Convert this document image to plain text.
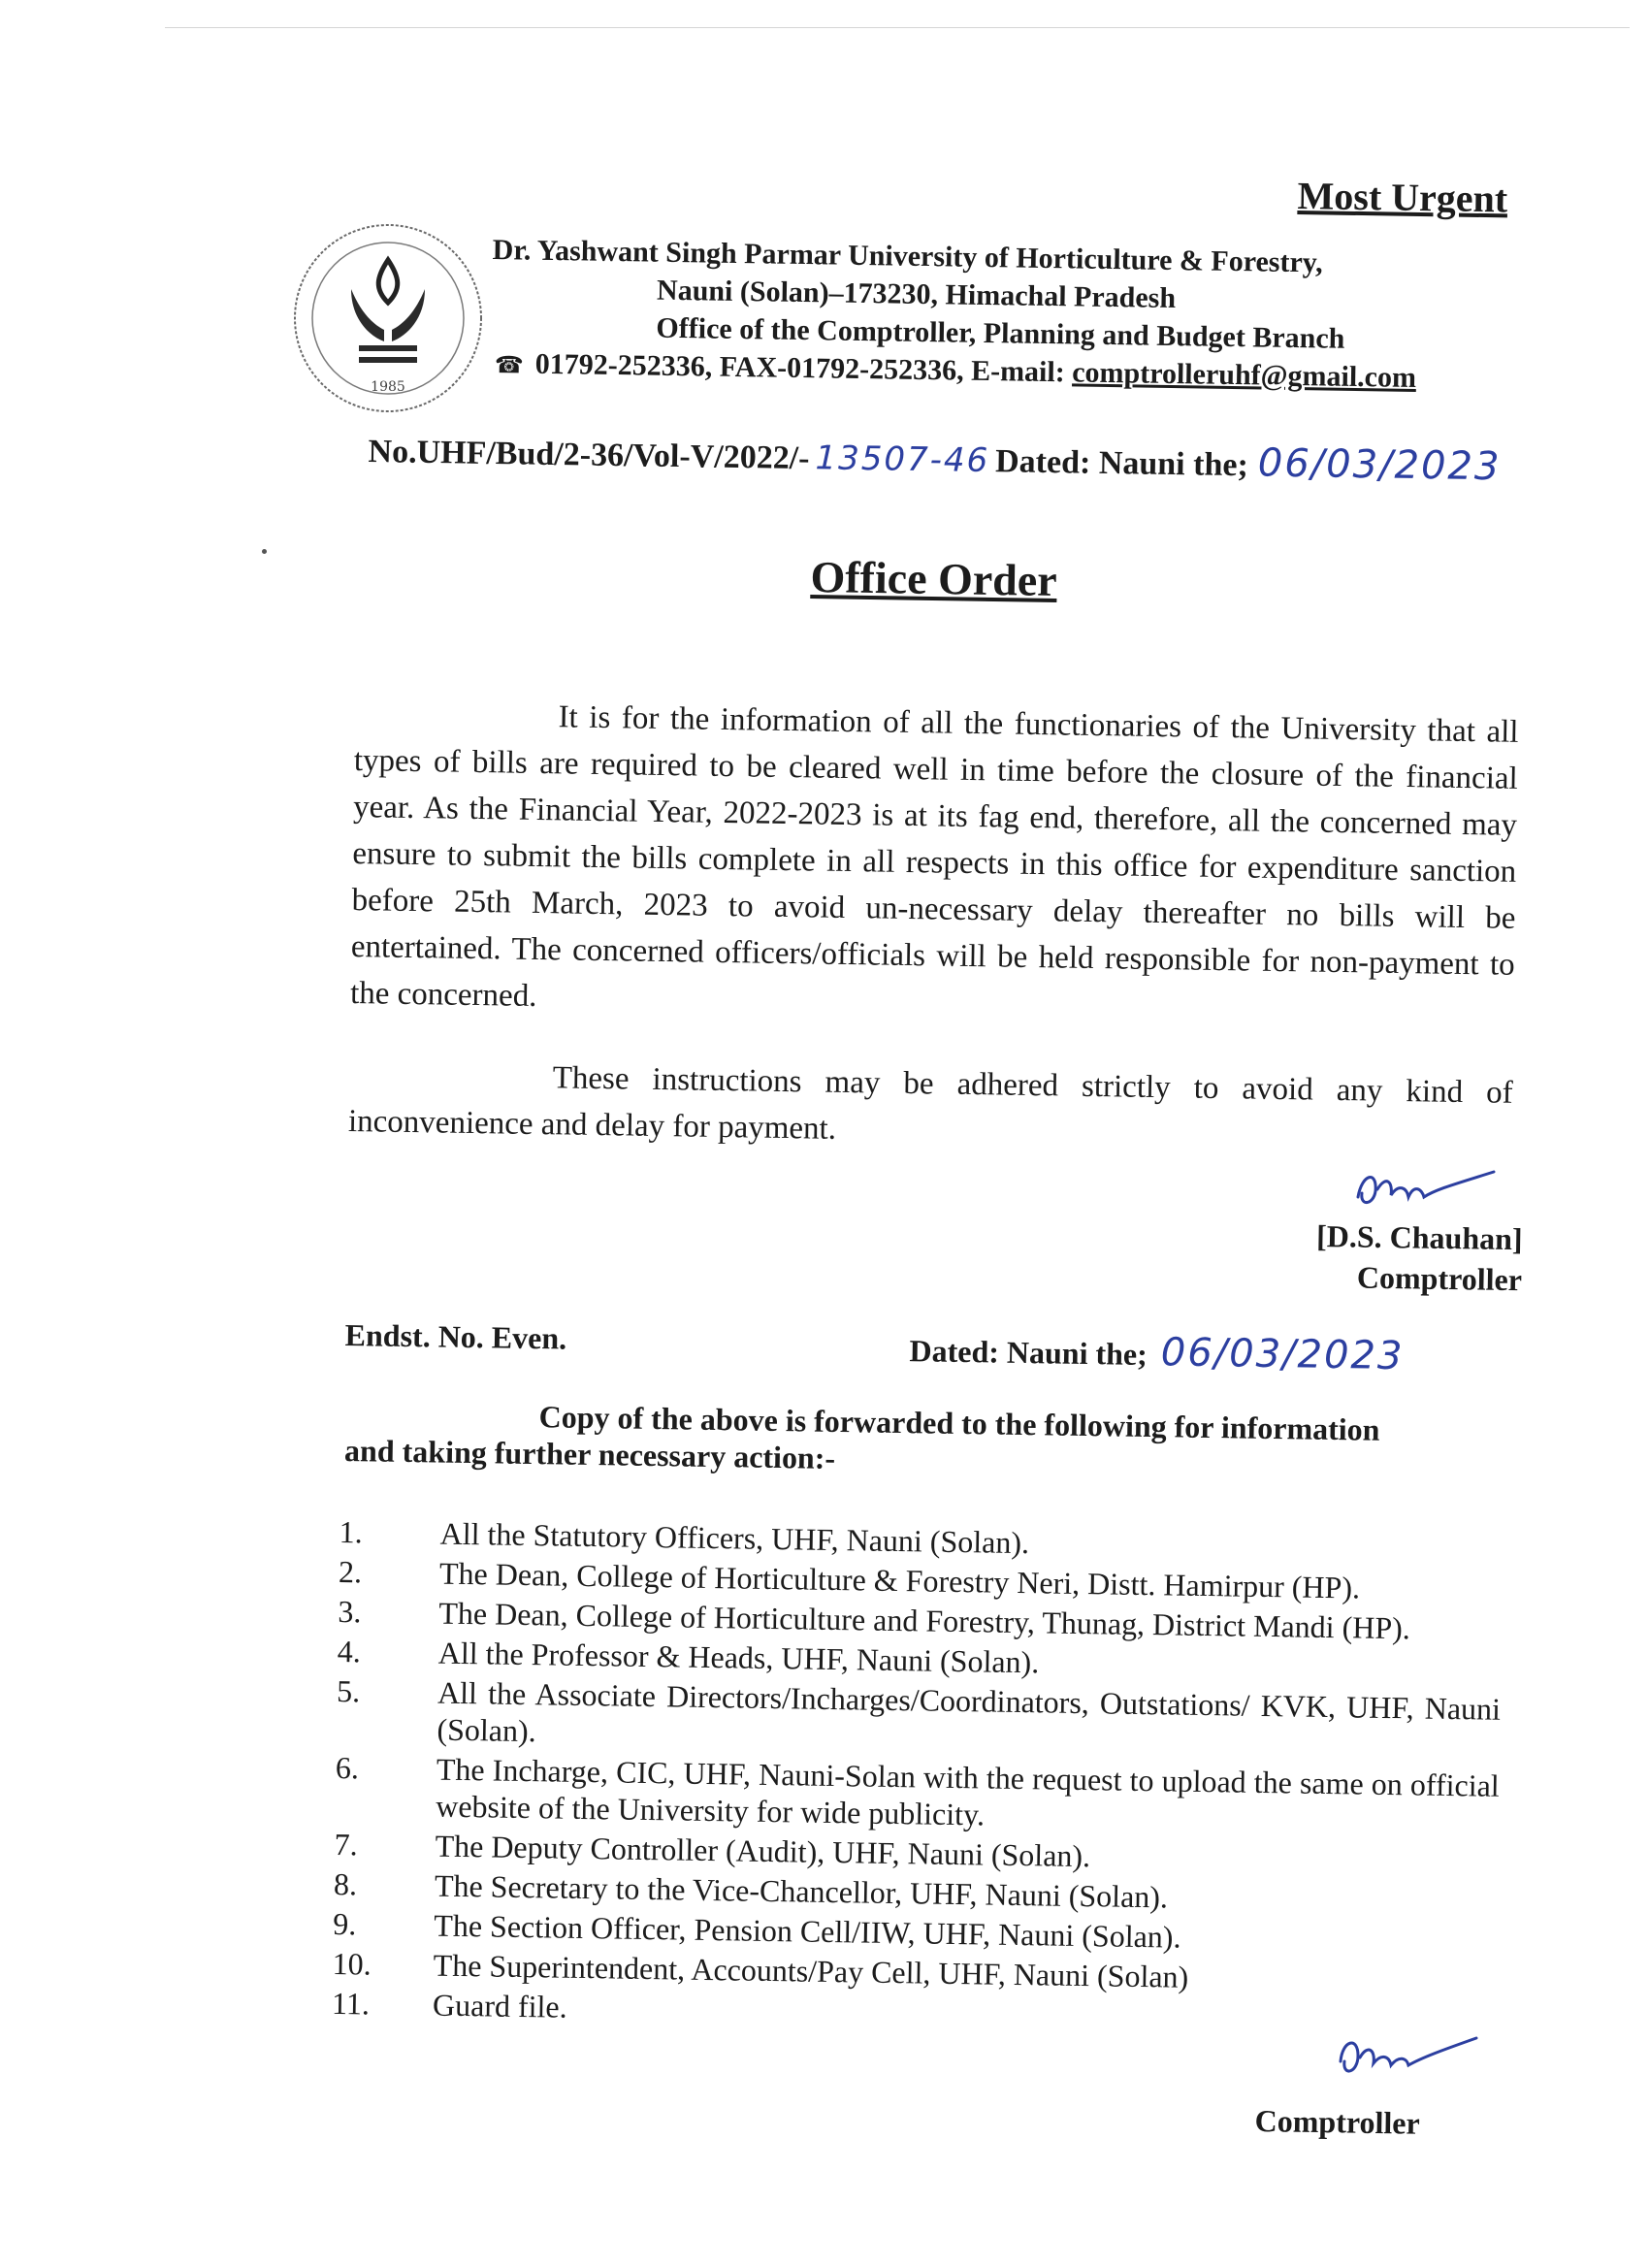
Most Urgent
1985
Dr. Yashwant Singh Parmar University of Horticulture & Forestry,
Nauni (Solan)–173230, Himachal Pradesh
Office of the Comptroller, Planning and Budget Branch
☎ 01792-252336, FAX-01792-252336, E-mail: comptrolleruhf@gmail.com
No.UHF/Bud/2-36/Vol-V/2022/- 13507-46 Dated: Nauni the; 06/03/2023
Office Order

It is for the information of all the functionaries of the University that all types of bills are required to be cleared well in time before the closure of the financial year. As the Financial Year, 2022-2023 is at its fag end, therefore, all the concerned may ensure to submit the bills complete in all respects in this office for expenditure sanction before 25th March, 2023 to avoid un-necessary delay thereafter no bills will be entertained. The concerned officers/officials will be held responsible for non-payment to the concerned.

These instructions may be adhered strictly to avoid any kind of inconvenience and delay for payment.

[D.S. Chauhan]
Comptroller
Endst. No. Even.	Dated: Nauni the; 06/03/2023
Copy of the above is forwarded to the following for information
and taking further necessary action:-
1.	All the Statutory Officers, UHF, Nauni (Solan).
2.	The Dean, College of Horticulture & Forestry Neri, Distt. Hamirpur (HP).
3.	The Dean, College of Horticulture and Forestry, Thunag, District Mandi (HP).
4.	All the Professor & Heads, UHF, Nauni (Solan).
5.	All the Associate Directors/Incharges/Coordinators, Outstations/ KVK, UHF, Nauni (Solan).
6.	The Incharge, CIC, UHF, Nauni-Solan with the request to upload the same on official website of the University for wide publicity.
7.	The Deputy Controller (Audit), UHF, Nauni (Solan).
8.	The Secretary to the Vice-Chancellor, UHF, Nauni (Solan).
9.	The Section Officer, Pension Cell/IIW, UHF, Nauni (Solan).
10.	The Superintendent, Accounts/Pay Cell, UHF, Nauni (Solan)
11.	Guard file.
Comptroller
